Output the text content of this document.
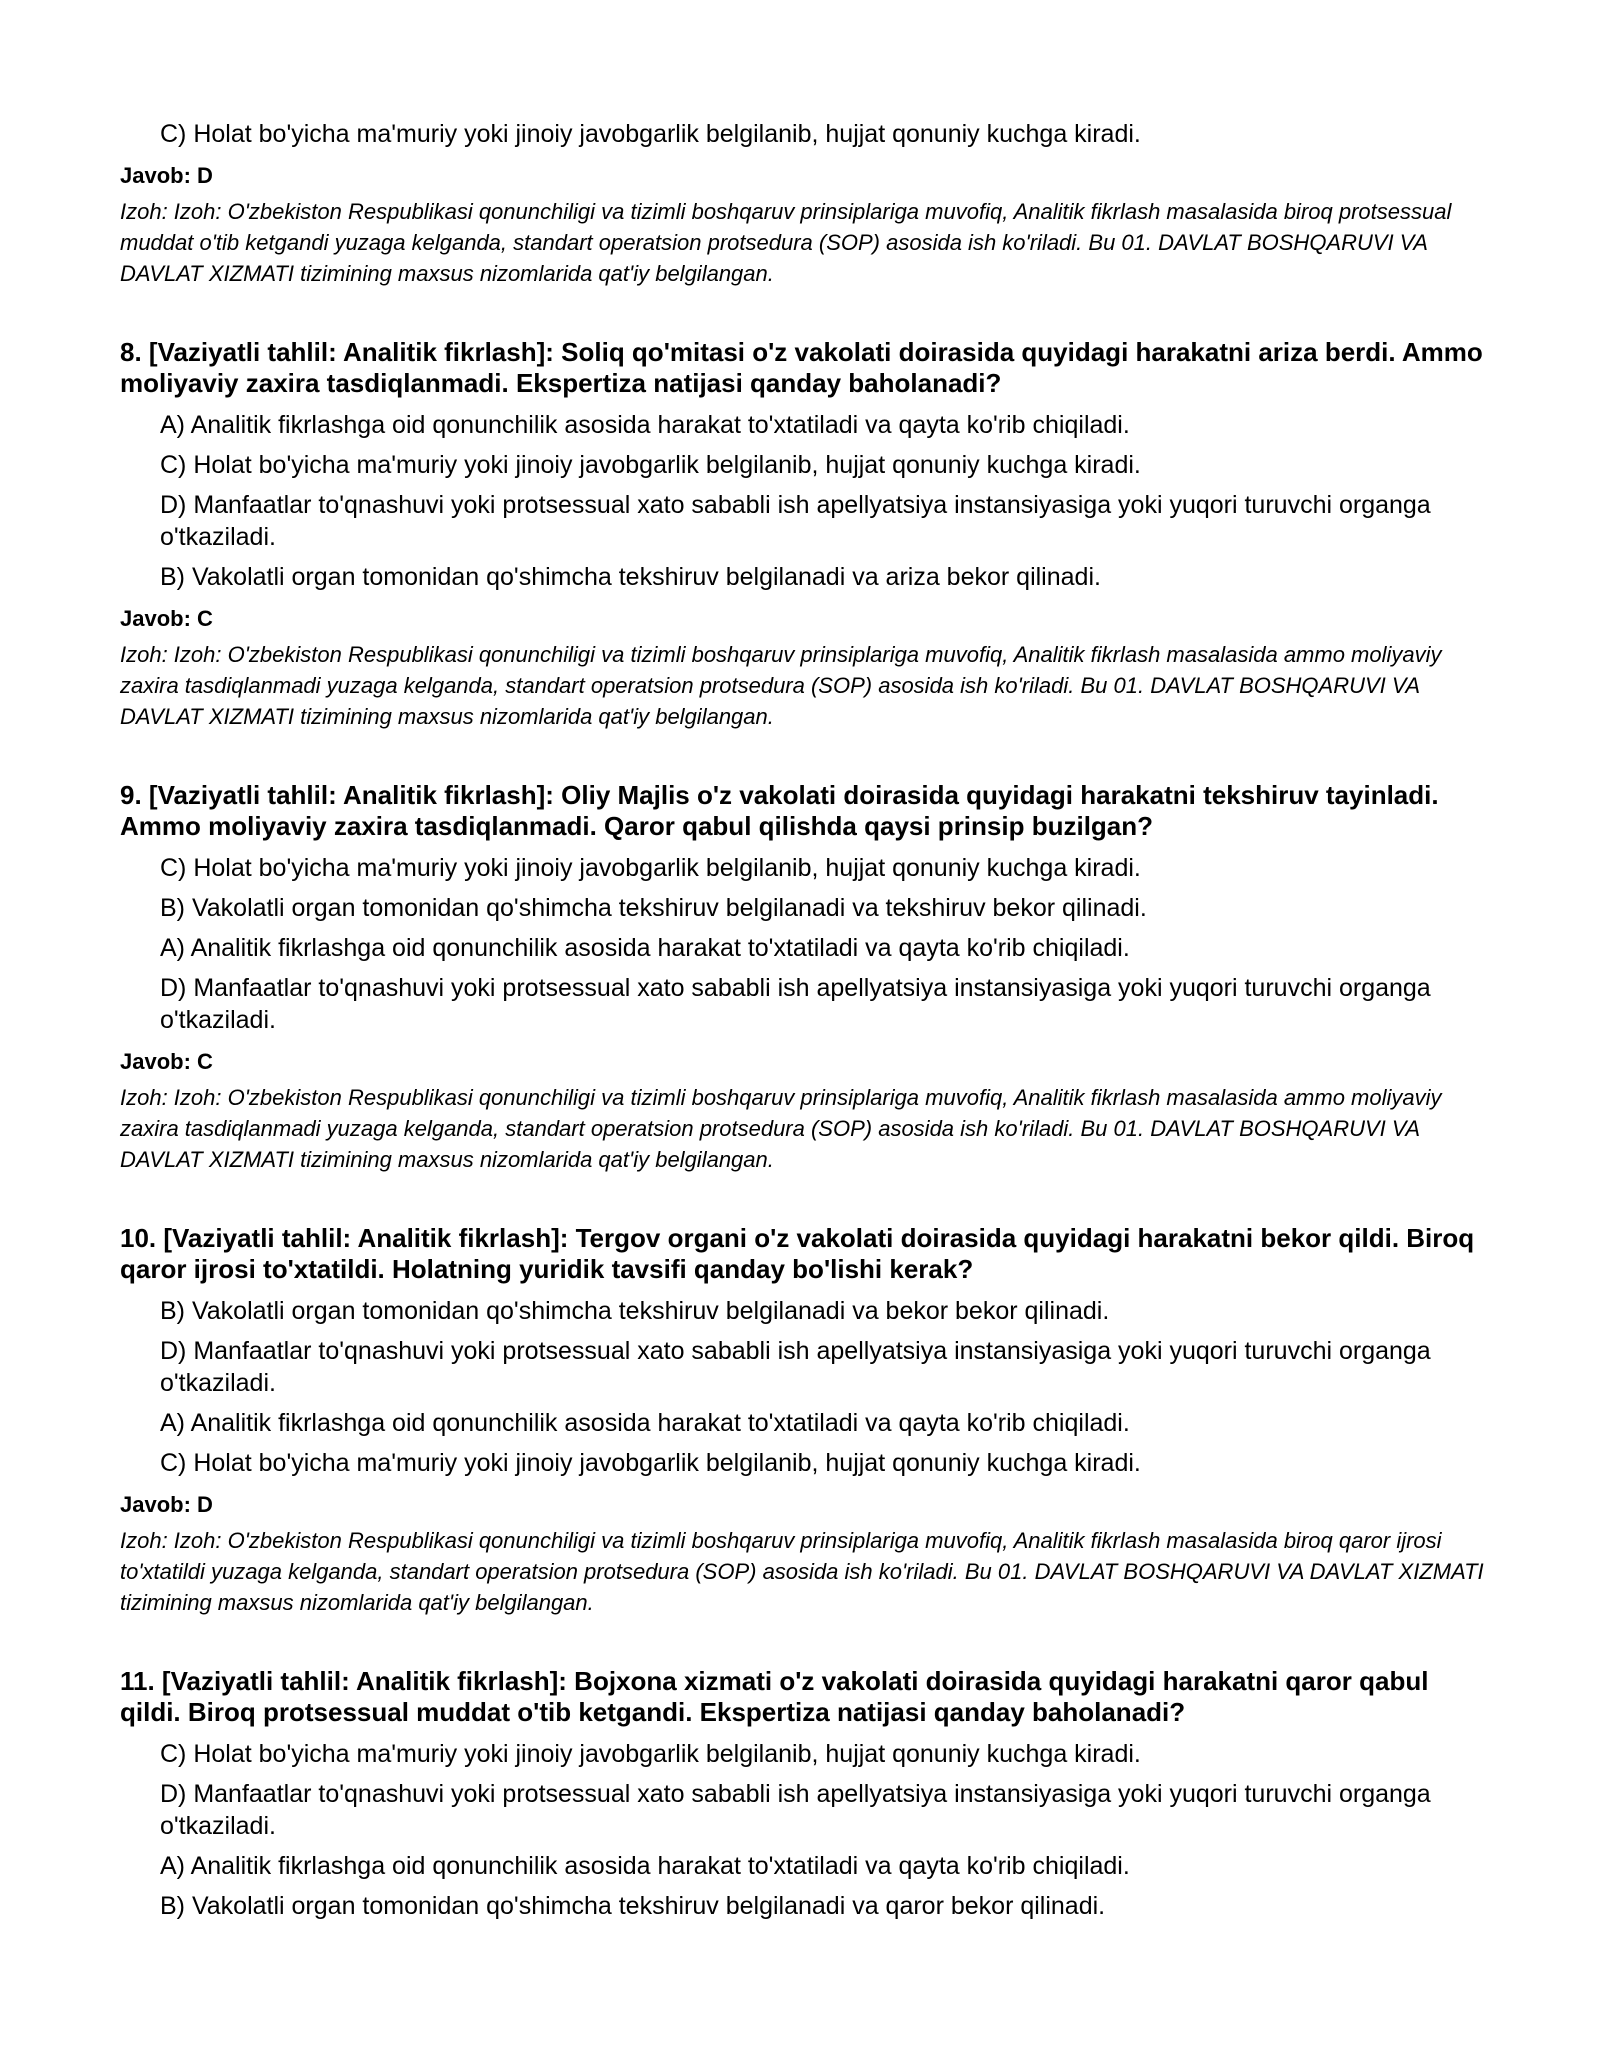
C) Holat bo'yicha ma'muriy yoki jinoiy javobgarlik belgilanib, hujjat qonuniy kuchga kiradi.
Javob: D
Izoh: Izoh: O'zbekiston Respublikasi qonunchiligi va tizimli boshqaruv prinsiplariga muvofiq, Analitik fikrlash masalasida biroq protsessual muddat o'tib ketgandi yuzaga kelganda, standart operatsion protsedura (SOP) asosida ish ko'riladi. Bu 01. DAVLAT BOSHQARUVI VA DAVLAT XIZMATI tizimining maxsus nizomlarida qat'iy belgilangan.
8. [Vaziyatli tahlil: Analitik fikrlash]: Soliq qo'mitasi o'z vakolati doirasida quyidagi harakatni ariza berdi. Ammo moliyaviy zaxira tasdiqlanmadi. Ekspertiza natijasi qanday baholanadi?
A) Analitik fikrlashga oid qonunchilik asosida harakat to'xtatiladi va qayta ko'rib chiqiladi.
C) Holat bo'yicha ma'muriy yoki jinoiy javobgarlik belgilanib, hujjat qonuniy kuchga kiradi.
D) Manfaatlar to'qnashuvi yoki protsessual xato sababli ish apellyatsiya instansiyasiga yoki yuqori turuvchi organga o'tkaziladi.
B) Vakolatli organ tomonidan qo'shimcha tekshiruv belgilanadi va ariza bekor qilinadi.
Javob: C
Izoh: Izoh: O'zbekiston Respublikasi qonunchiligi va tizimli boshqaruv prinsiplariga muvofiq, Analitik fikrlash masalasida ammo moliyaviy zaxira tasdiqlanmadi yuzaga kelganda, standart operatsion protsedura (SOP) asosida ish ko'riladi. Bu 01. DAVLAT BOSHQARUVI VA DAVLAT XIZMATI tizimining maxsus nizomlarida qat'iy belgilangan.
9. [Vaziyatli tahlil: Analitik fikrlash]: Oliy Majlis o'z vakolati doirasida quyidagi harakatni tekshiruv tayinladi. Ammo moliyaviy zaxira tasdiqlanmadi. Qaror qabul qilishda qaysi prinsip buzilgan?
C) Holat bo'yicha ma'muriy yoki jinoiy javobgarlik belgilanib, hujjat qonuniy kuchga kiradi.
B) Vakolatli organ tomonidan qo'shimcha tekshiruv belgilanadi va tekshiruv bekor qilinadi.
A) Analitik fikrlashga oid qonunchilik asosida harakat to'xtatiladi va qayta ko'rib chiqiladi.
D) Manfaatlar to'qnashuvi yoki protsessual xato sababli ish apellyatsiya instansiyasiga yoki yuqori turuvchi organga o'tkaziladi.
Javob: C
Izoh: Izoh: O'zbekiston Respublikasi qonunchiligi va tizimli boshqaruv prinsiplariga muvofiq, Analitik fikrlash masalasida ammo moliyaviy zaxira tasdiqlanmadi yuzaga kelganda, standart operatsion protsedura (SOP) asosida ish ko'riladi. Bu 01. DAVLAT BOSHQARUVI VA DAVLAT XIZMATI tizimining maxsus nizomlarida qat'iy belgilangan.
10. [Vaziyatli tahlil: Analitik fikrlash]: Tergov organi o'z vakolati doirasida quyidagi harakatni bekor qildi. Biroq qaror ijrosi to'xtatildi. Holatning yuridik tavsifi qanday bo'lishi kerak?
B) Vakolatli organ tomonidan qo'shimcha tekshiruv belgilanadi va bekor bekor qilinadi.
D) Manfaatlar to'qnashuvi yoki protsessual xato sababli ish apellyatsiya instansiyasiga yoki yuqori turuvchi organga o'tkaziladi.
A) Analitik fikrlashga oid qonunchilik asosida harakat to'xtatiladi va qayta ko'rib chiqiladi.
C) Holat bo'yicha ma'muriy yoki jinoiy javobgarlik belgilanib, hujjat qonuniy kuchga kiradi.
Javob: D
Izoh: Izoh: O'zbekiston Respublikasi qonunchiligi va tizimli boshqaruv prinsiplariga muvofiq, Analitik fikrlash masalasida biroq qaror ijrosi to'xtatildi yuzaga kelganda, standart operatsion protsedura (SOP) asosida ish ko'riladi. Bu 01. DAVLAT BOSHQARUVI VA DAVLAT XIZMATI tizimining maxsus nizomlarida qat'iy belgilangan.
11. [Vaziyatli tahlil: Analitik fikrlash]: Bojxona xizmati o'z vakolati doirasida quyidagi harakatni qaror qabul qildi. Biroq protsessual muddat o'tib ketgandi. Ekspertiza natijasi qanday baholanadi?
C) Holat bo'yicha ma'muriy yoki jinoiy javobgarlik belgilanib, hujjat qonuniy kuchga kiradi.
D) Manfaatlar to'qnashuvi yoki protsessual xato sababli ish apellyatsiya instansiyasiga yoki yuqori turuvchi organga o'tkaziladi.
A) Analitik fikrlashga oid qonunchilik asosida harakat to'xtatiladi va qayta ko'rib chiqiladi.
B) Vakolatli organ tomonidan qo'shimcha tekshiruv belgilanadi va qaror bekor qilinadi.
